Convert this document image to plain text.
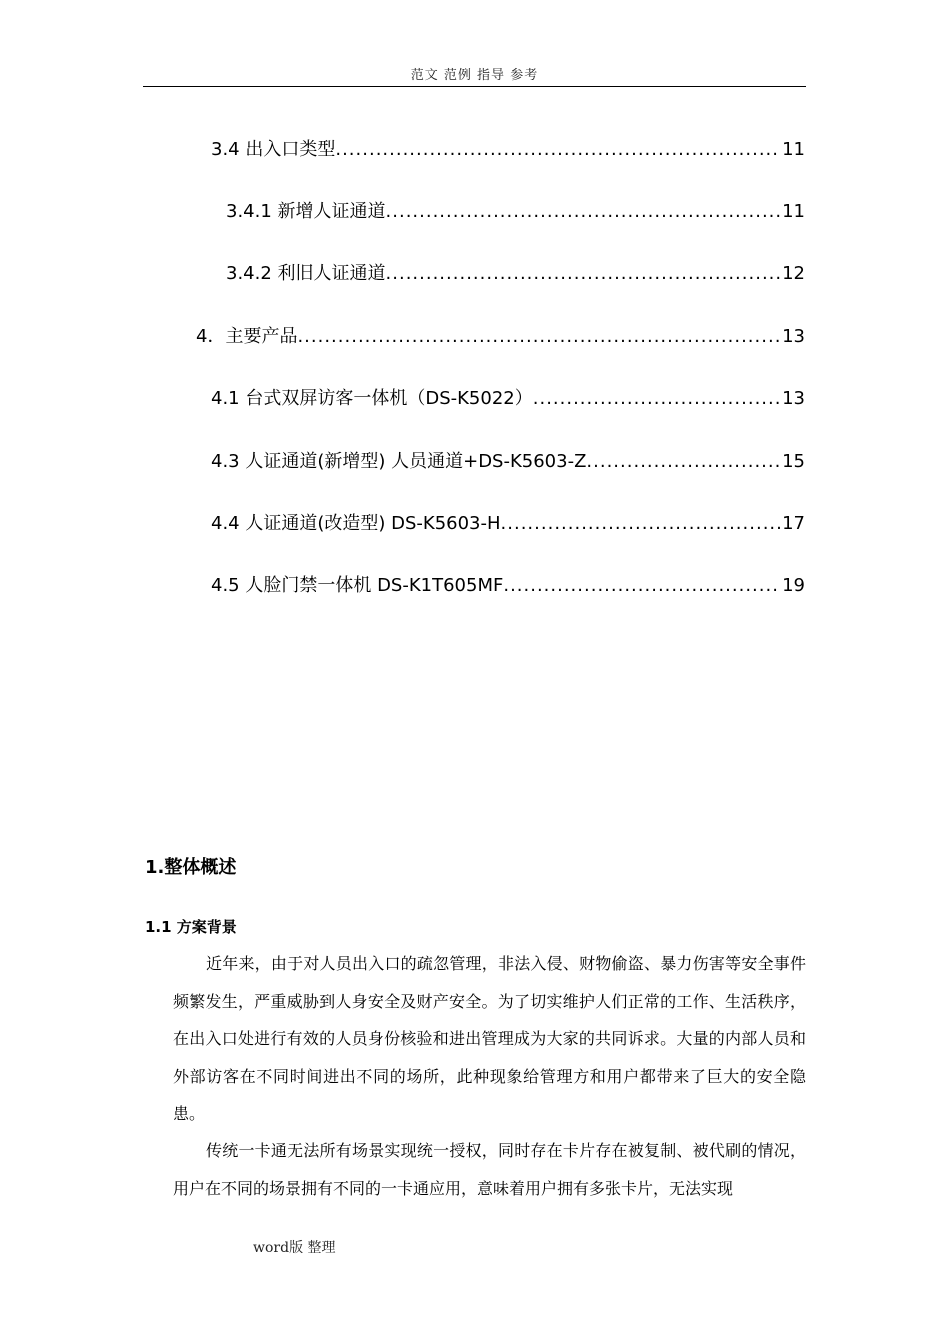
范文 范例 指导 参考
3.4 出入口类型 .....	11
3.4.1 新增人证通道 .....	11
3.4.2 利旧人证通道 .....	12
4．主要产品 .....	13
4.1 台式双屏访客一体机（DS-K5022） .....	13
4.3 人证通道(新增型) 人员通道+DS-K5603-Z .....	15
4.4 人证通道(改造型) DS-K5603-H .....	17
4.5 人脸门禁一体机 DS-K1T605MF .....	19
1.整体概述
1.1 方案背景

近年来，由于对人员出入口的疏忽管理，非法入侵、财物偷盗、暴力伤害等安全事件频繁发生，严重威胁到人身安全及财产安全。为了切实维护人们正常的工作、生活秩序，在出入口处进行有效的人员身份核验和进出管理成为大家的共同诉求。大量的内部人员和外部访客在不同时间进出不同的场所，此种现象给管理方和用户都带来了巨大的安全隐患。

传统一卡通无法所有场景实现统一授权，同时存在卡片存在被复制、被代刷的情况，用户在不同的场景拥有不同的一卡通应用，意味着用户拥有多张卡片，无法实现

word版 整理
